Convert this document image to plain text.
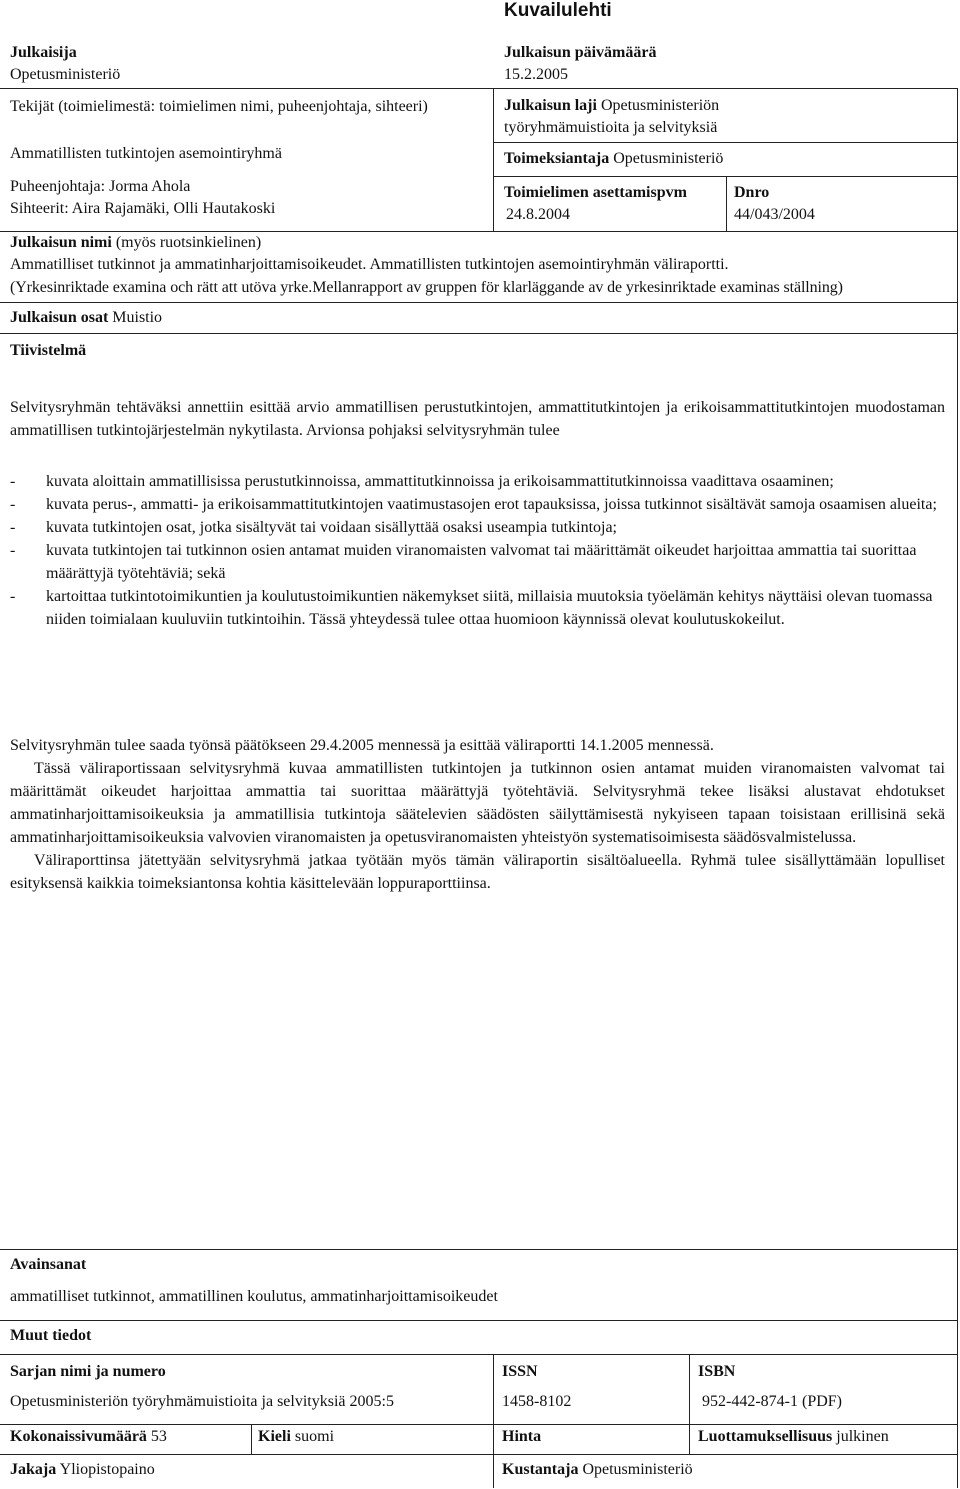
Kuvailulehti
Julkaisija
Opetusministeriö
Julkaisun päivämäärä
15.2.2005
Tekijät (toimielimestä: toimielimen nimi, puheenjohtaja, sihteeri)
Ammatillisten tutkintojen asemointiryhmä
Puheenjohtaja: Jorma Ahola
Sihteerit: Aira Rajamäki, Olli Hautakoski
Julkaisun laji Opetusministeriön
työryhmämuistioita ja selvityksiä
Toimeksiantaja Opetusministeriö
Toimielimen asettamispvm
24.8.2004
Dnro
44/043/2004
Julkaisun nimi (myös ruotsinkielinen)
Ammatilliset tutkinnot ja ammatinharjoittamisoikeudet. Ammatillisten tutkintojen asemointiryhmän väliraportti.
(Yrkesinriktade examina och rätt att utöva yrke.Mellanrapport av gruppen för klarläggande av de yrkesinriktade examinas ställning)
Julkaisun osat Muistio
Tiivistelmä

Selvitysryhmän tehtäväksi annettiin esittää arvio ammatillisen perustutkintojen, ammattitutkintojen ja erikoisammattitutkintojen muodostaman ammatillisen tutkintojärjestelmän nykytilasta. Arvionsa pohjaksi selvitysryhmän tulee

- kuvata aloittain ammatillisissa perustutkinnoissa, ammattitutkinnoissa ja erikoisammattitutkinnoissa vaadittava osaaminen;
- kuvata perus-, ammatti- ja erikoisammattitutkintojen vaatimustasojen erot tapauksissa, joissa tutkinnot sisältävät samoja osaamisen alueita;
- kuvata tutkintojen osat, jotka sisältyvät tai voidaan sisällyttää osaksi useampia tutkintoja;
- kuvata tutkintojen tai tutkinnon osien antamat muiden viranomaisten valvomat tai määrittämät oikeudet harjoittaa ammattia tai suorittaa määrättyjä työtehtäviä; sekä
- kartoittaa tutkintotoimikuntien ja koulutustoimikuntien näkemykset siitä, millaisia muutoksia työelämän kehitys näyttäisi olevan tuomassa niiden toimialaan kuuluviin tutkintoihin. Tässä yhteydessä tulee ottaa huomioon käynnissä olevat koulutuskokeilut.

Selvitysryhmän tulee saada työnsä päätökseen 29.4.2005 mennessä ja esittää väliraportti 14.1.2005 mennessä.

Tässä väliraportissaan selvitysryhmä kuvaa ammatillisten tutkintojen ja tutkinnon osien antamat muiden viranomaisten valvomat tai määrittämät oikeudet harjoittaa ammattia tai suorittaa määrättyjä työtehtäviä. Selvitysryhmä tekee lisäksi alustavat ehdotukset ammatinharjoittamisoikeuksia ja ammatillisia tutkintoja säätelevien säädösten säilyttämisestä nykyiseen tapaan toisistaan erillisinä sekä ammatinharjoittamisoikeuksia valvovien viranomaisten ja opetusviranomaisten yhteistyön systematisoimisesta säädösvalmistelussa.

Väliraporttinsa jätettyään selvitysryhmä jatkaa työtään myös tämän väliraportin sisältöalueella. Ryhmä tulee sisällyttämään lopulliset esityksensä kaikkia toimeksiantonsa kohtia käsittelevään loppuraporttiinsa.

Avainsanat
ammatilliset tutkinnot, ammatillinen koulutus, ammatinharjoittamisoikeudet
Muut tiedot
Sarjan nimi ja numero
Opetusministeriön työryhmämuistioita ja selvityksiä 2005:5
ISSN
1458-8102
ISBN
952-442-874-1 (PDF)
Kokonaissivumäärä 53	Kieli suomi	Hinta	Luottamuksellisuus julkinen
Jakaja Yliopistopaino	Kustantaja Opetusministeriö
